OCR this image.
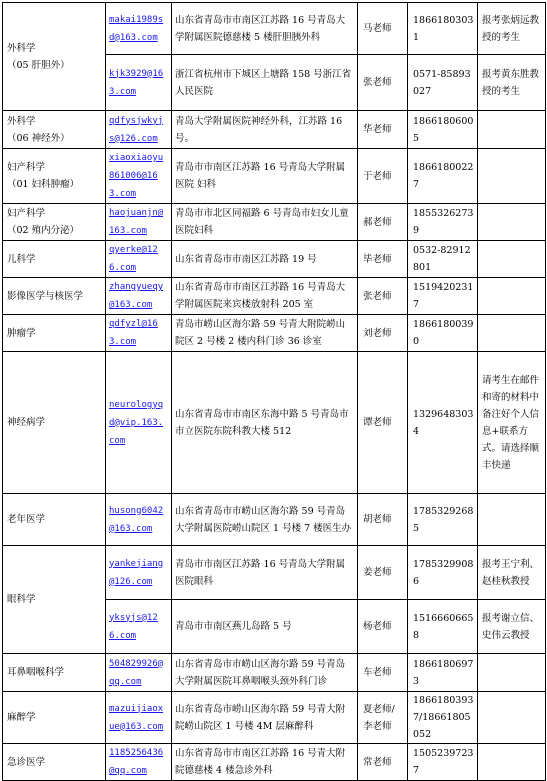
外科学
（05 肝胆外）	makai1989sd@163.com	山东省青岛市市南区江苏路 16 号青岛大学附属医院德慈楼 5 楼肝胆胰外科	马老师	18661803031	报考张炳远教授的考生
	kjk3929@163.com	浙江省杭州市下城区上塘路 158 号浙江省人民医院	张老师	0571-85893027	报考黄东胜教授的考生

外科学
（06 神经外）	qdfysjwkyjs@126.com	青岛大学附属医院神经外科，江苏路 16 号。	华老师	18661806005	

妇产科学
（01 妇科肿瘤）	xiaoxiaoyu861006@163.com	青岛市市南区江苏路 16 号青岛大学附属医院 妇科	于老师	18661800227	

妇产科学
（02 殖内分泌）	haojuanjn@163.com	青岛市市北区同福路 6 号青岛市妇女儿童医院妇科	郝老师	18553262739	

儿科学	qyerke@126.com	山东省青岛市市南区江苏路 19 号	毕老师	0532-82912801	

影像医学与核医学	zhangyueqy@163.com	山东省青岛市市南区江苏路 16 号青岛大学附属医院来宾楼放射科 205 室	张老师	15194202317	

肿瘤学	qdfyzl@163.com	青岛市崂山区海尔路 59 号青大附院崂山院区 2 号楼 2 楼内科门诊 36 诊室	刘老师	18661800390	

神经病学	neurologyqd@vip.163.com	山东省青岛市市南区东海中路 5 号青岛市市立医院东院科教大楼 512	谭老师	13296483034	请考生在邮件和寄的材料中备注好个人信息+联系方式。请选择顺丰快递

老年医学	husong6042@163.com	山东省青岛市市崂山区海尔路 59 号青岛大学附属医院崂山院区 1 号楼 7 楼医生办	胡老师	17853292685	

眼科学	yankejiang@126.com	青岛市市南区江苏路 16 号青岛大学附属医院眼科	姜老师	17853299086	报考王宁利、赵桂秋教授
	yksyjs@126.com	青岛市市南区燕儿岛路 5 号	杨老师	15166606658	报考谢立信、史伟云教授

耳鼻咽喉科学	504829926@qq.com	山东省青岛市市崂山区海尔路 59 号青岛大学附属医院耳鼻咽喉头颈外科门诊	车老师	18661806973	

麻醉学	mazuijiaoxue@163.com	山东省青岛市崂山区海尔路 59 号青大附院崂山院区 1 号楼 4M 层麻醉科	夏老师/李老师	18661803937/18661805052	

急诊医学	1185256436@qq.com	山东省青岛市市南区江苏路 16 号青大附院德慈楼 4 楼急诊外科	常老师	15052397237	
